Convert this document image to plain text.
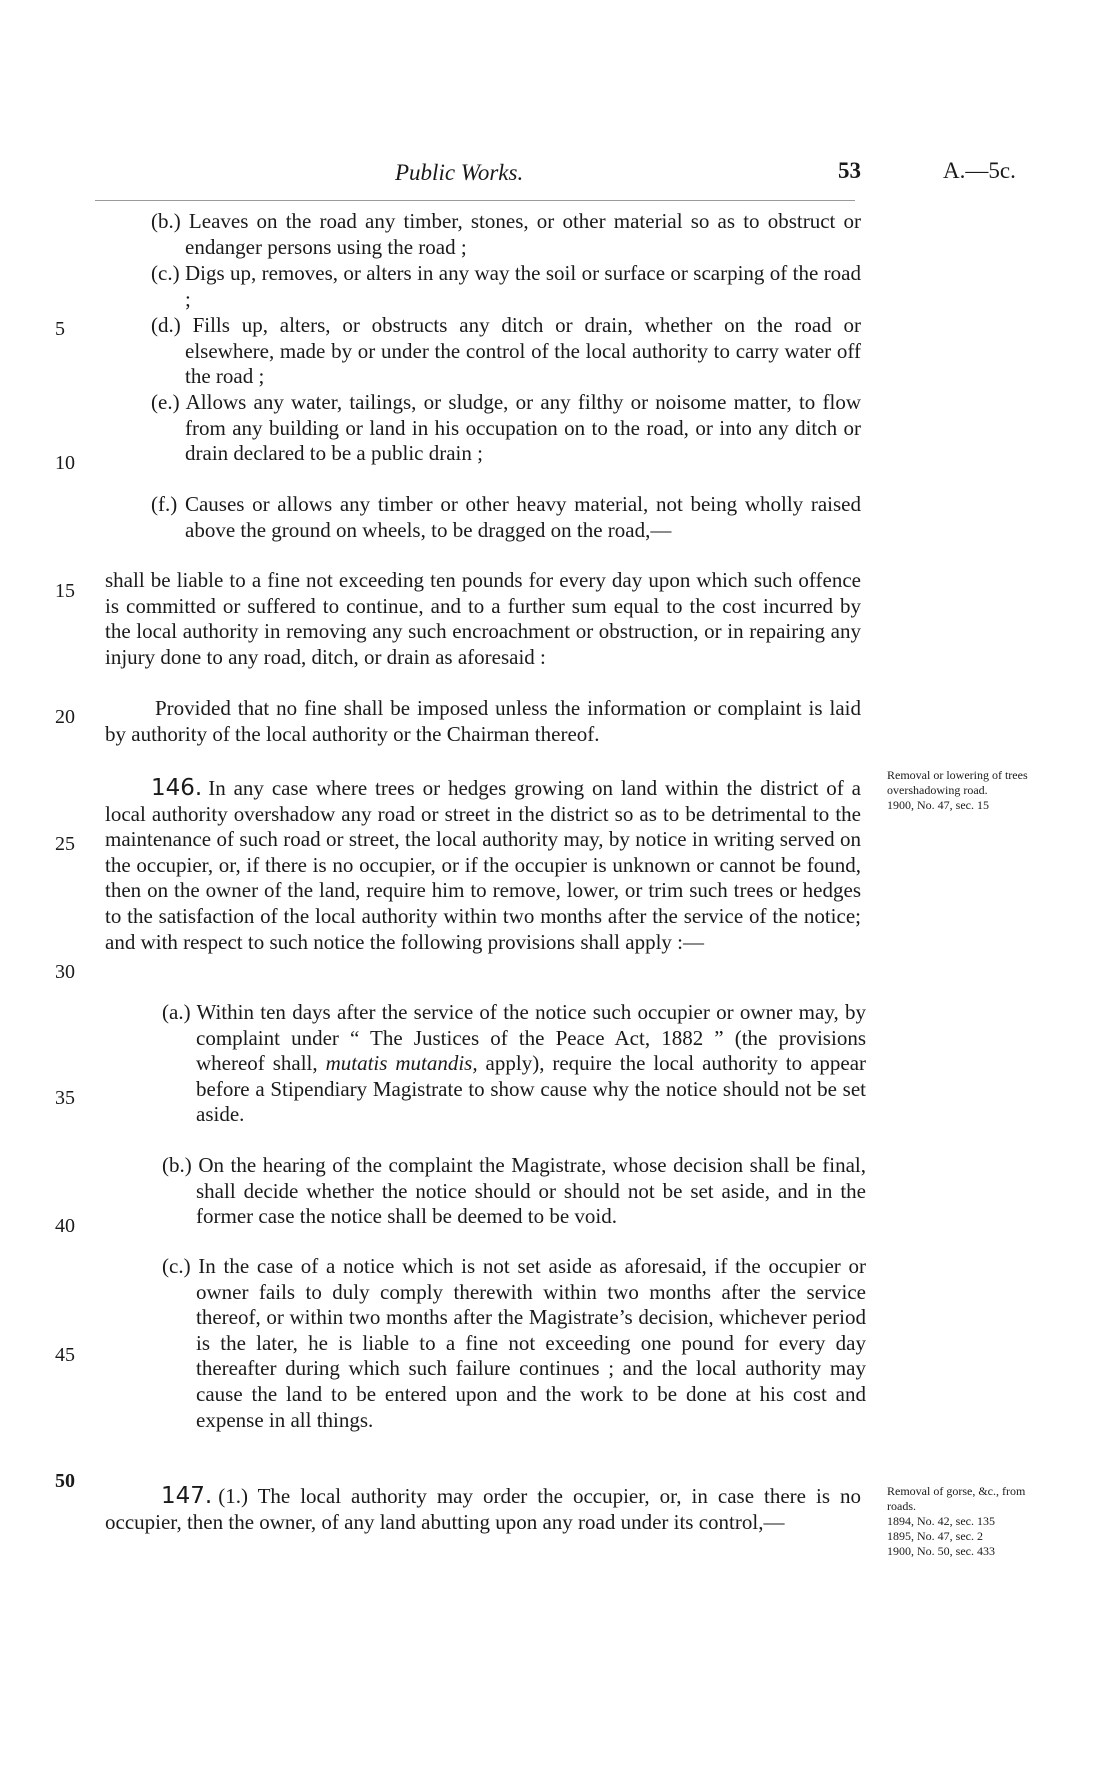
Public Works.	53	A.—5c.
5
10
15
20
25
30
35
40
45
50

(b.) Leaves on the road any timber, stones, or other material so as to obstruct or endanger persons using the road ;

(c.) Digs up, removes, or alters in any way the soil or surface or scarping of the road ;

(d.) Fills up, alters, or obstructs any ditch or drain, whether on the road or elsewhere, made by or under the control of the local authority to carry water off the road ;

(e.) Allows any water, tailings, or sludge, or any filthy or noisome matter, to flow from any building or land in his occupation on to the road, or into any ditch or drain declared to be a public drain ;

(f.) Causes or allows any timber or other heavy material, not being wholly raised above the ground on wheels, to be dragged on the road,—

shall be liable to a fine not exceeding ten pounds for every day upon which such offence is committed or suffered to continue, and to a further sum equal to the cost incurred by the local authority in removing any such encroachment or obstruction, or in repairing any injury done to any road, ditch, or drain as aforesaid :

Provided that no fine shall be imposed unless the information or complaint is laid by authority of the local authority or the Chairman thereof.

146. In any case where trees or hedges growing on land within the district of a local authority overshadow any road or street in the district so as to be detrimental to the maintenance of such road or street, the local authority may, by notice in writing served on the occupier, or, if there is no occupier, or if the occupier is unknown or cannot be found, then on the owner of the land, require him to remove, lower, or trim such trees or hedges to the satisfaction of the local authority within two months after the service of the notice; and with respect to such notice the following provisions shall apply :—

Removal or lowering of trees overshadowing road.
1900, No. 47, sec. 15

(a.) Within ten days after the service of the notice such occupier or owner may, by complaint under “ The Justices of the Peace Act, 1882 ” (the provisions whereof shall, mutatis mutandis, apply), require the local authority to appear before a Stipendiary Magistrate to show cause why the notice should not be set aside.

(b.) On the hearing of the complaint the Magistrate, whose decision shall be final, shall decide whether the notice should or should not be set aside, and in the former case the notice shall be deemed to be void.

(c.) In the case of a notice which is not set aside as aforesaid, if the occupier or owner fails to duly comply therewith within two months after the service thereof, or within two months after the Magistrate’s decision, whichever period is the later, he is liable to a fine not exceeding one pound for every day thereafter during which such failure continues ; and the local authority may cause the land to be entered upon and the work to be done at his cost and expense in all things.

147. (1.) The local authority may order the occupier, or, in case there is no occupier, then the owner, of any land abutting upon any road under its control,—

Removal of gorse, &c., from roads.
1894, No. 42, sec. 135
1895, No. 47, sec. 2
1900, No. 50, sec. 433
